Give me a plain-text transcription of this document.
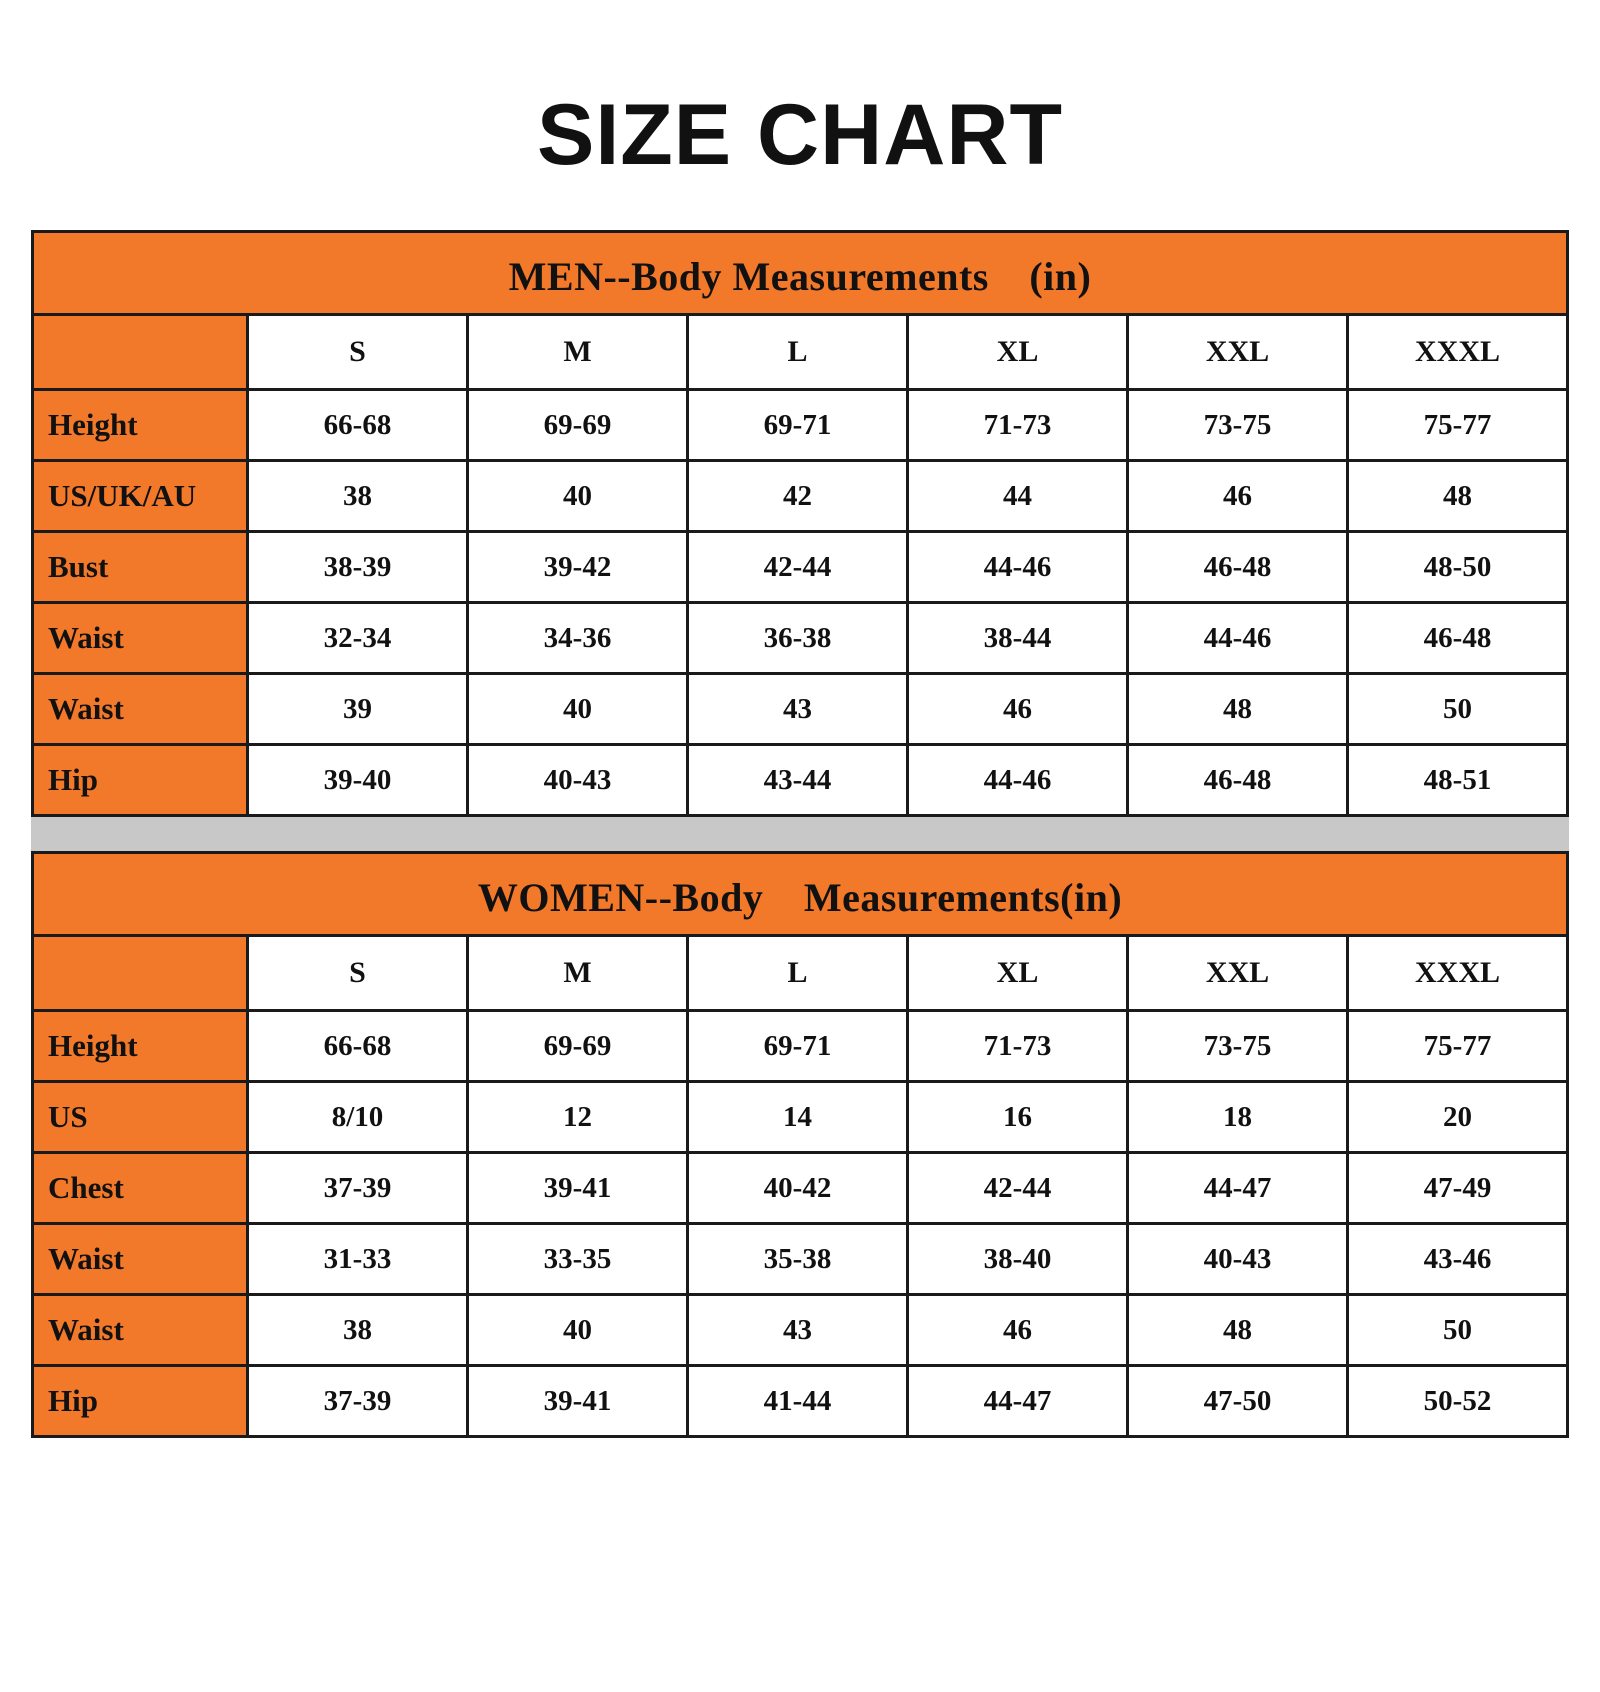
SIZE CHART
MEN--Body Measurements　(in)						
	S	M	L	XL	XXL	XXXL
Height	66-68	69-69	69-71	71-73	73-75	75-77
US/UK/AU	38	40	42	44	46	48
Bust	38-39	39-42	42-44	44-46	46-48	48-50
Waist	32-34	34-36	36-38	38-44	44-46	46-48
Waist	39	40	43	46	48	50
Hip	39-40	40-43	43-44	44-46	46-48	48-51
WOMEN--Body　Measurements(in)						
	S	M	L	XL	XXL	XXXL
Height	66-68	69-69	69-71	71-73	73-75	75-77
US	8/10	12	14	16	18	20
Chest	37-39	39-41	40-42	42-44	44-47	47-49
Waist	31-33	33-35	35-38	38-40	40-43	43-46
Waist	38	40	43	46	48	50
Hip	37-39	39-41	41-44	44-47	47-50	50-52
